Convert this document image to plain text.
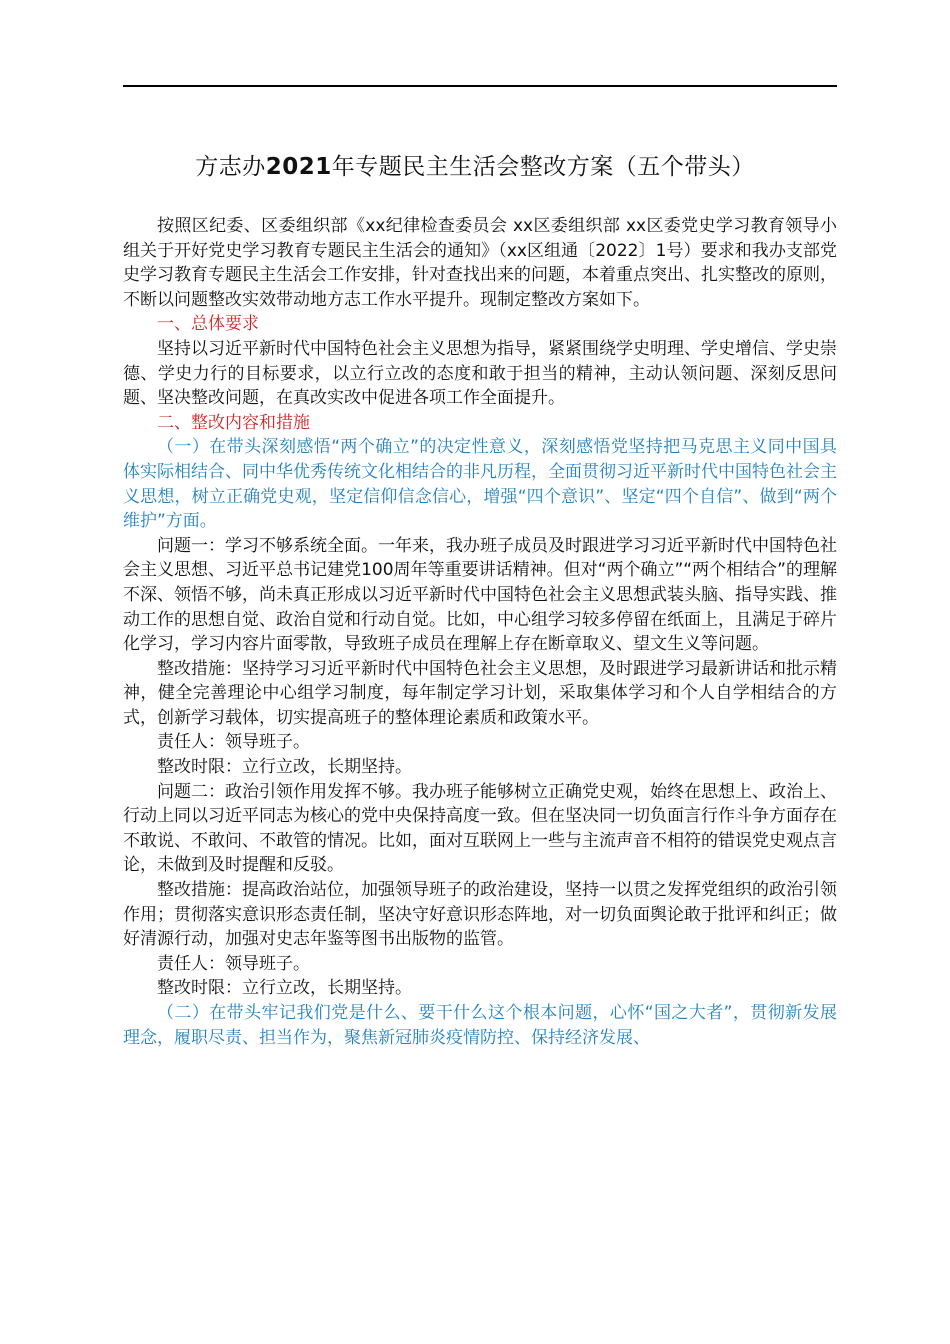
方志办2021年专题民主生活会整改方案（五个带头）

按照区纪委、区委组织部《xx纪律检查委员会 xx区委组织部 xx区委党史学习教育领导小组关于开好党史学习教育专题民主生活会的通知》（xx区组通〔2022〕1号）要求和我办支部党史学习教育专题民主生活会工作安排，针对查找出来的问题，本着重点突出、扎实整改的原则，不断以问题整改实效带动地方志工作水平提升。现制定整改方案如下。

一、总体要求

坚持以习近平新时代中国特色社会主义思想为指导，紧紧围绕学史明理、学史增信、学史崇德、学史力行的目标要求，以立行立改的态度和敢于担当的精神，主动认领问题、深刻反思问题、坚决整改问题，在真改实改中促进各项工作全面提升。

二、整改内容和措施

（一）在带头深刻感悟“两个确立”的决定性意义，深刻感悟党坚持把马克思主义同中国具体实际相结合、同中华优秀传统文化相结合的非凡历程，全面贯彻习近平新时代中国特色社会主义思想，树立正确党史观，坚定信仰信念信心，增强“四个意识”、坚定“四个自信”、做到“两个维护”方面。

问题一：学习不够系统全面。一年来，我办班子成员及时跟进学习习近平新时代中国特色社会主义思想、习近平总书记建党100周年等重要讲话精神。但对“两个确立”“两个相结合”的理解不深、领悟不够，尚未真正形成以习近平新时代中国特色社会主义思想武装头脑、指导实践、推动工作的思想自觉、政治自觉和行动自觉。比如，中心组学习较多停留在纸面上，且满足于碎片化学习，学习内容片面零散，导致班子成员在理解上存在断章取义、望文生义等问题。

整改措施：坚持学习习近平新时代中国特色社会主义思想，及时跟进学习最新讲话和批示精神，健全完善理论中心组学习制度，每年制定学习计划，采取集体学习和个人自学相结合的方式，创新学习载体，切实提高班子的整体理论素质和政策水平。

责任人：领导班子。

整改时限：立行立改，长期坚持。

问题二：政治引领作用发挥不够。我办班子能够树立正确党史观，始终在思想上、政治上、行动上同以习近平同志为核心的党中央保持高度一致。但在坚决同一切负面言行作斗争方面存在不敢说、不敢问、不敢管的情况。比如，面对互联网上一些与主流声音不相符的错误党史观点言论，未做到及时提醒和反驳。

整改措施：提高政治站位，加强领导班子的政治建设，坚持一以贯之发挥党组织的政治引领作用；贯彻落实意识形态责任制，坚决守好意识形态阵地，对一切负面舆论敢于批评和纠正；做好清源行动，加强对史志年鉴等图书出版物的监管。

责任人：领导班子。

整改时限：立行立改，长期坚持。

（二）在带头牢记我们党是什么、要干什么这个根本问题，心怀“国之大者”，贯彻新发展理念，履职尽责、担当作为，聚焦新冠肺炎疫情防控、保持经济发展、
